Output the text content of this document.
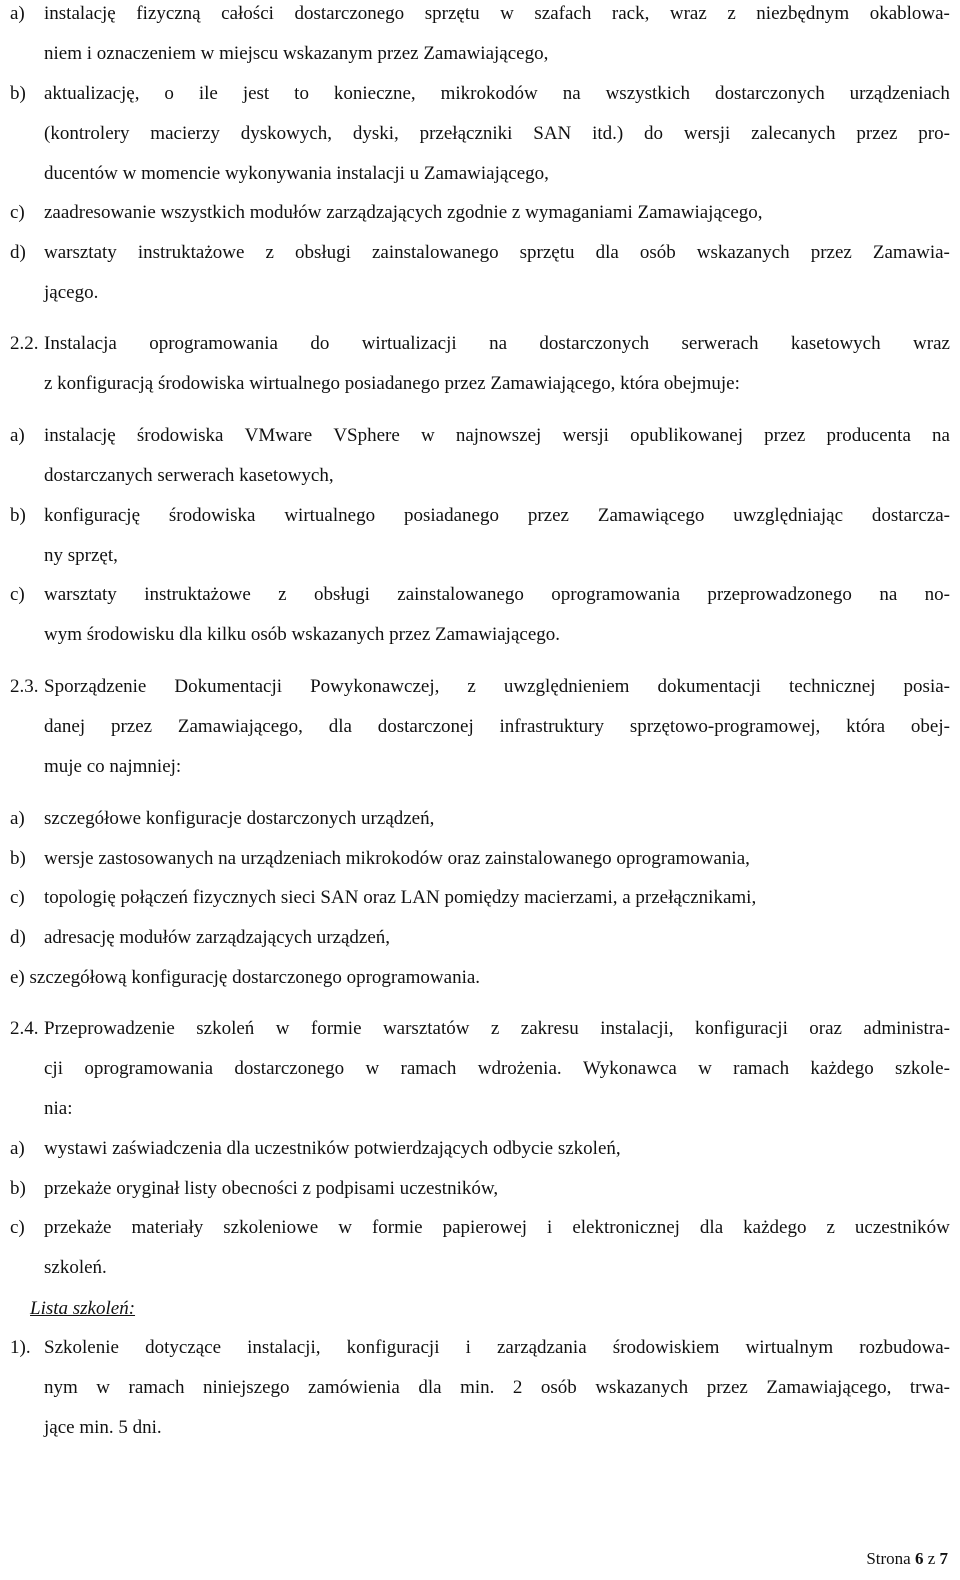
a) instalację fizyczną całości dostarczonego sprzętu w szafach rack, wraz z niezbędnym okablowa-
niem i oznaczeniem w miejscu wskazanym przez Zamawiającego,
b) aktualizację, o ile jest to konieczne, mikrokodów na wszystkich dostarczonych urządzeniach
(kontrolery macierzy dyskowych, dyski, przełączniki SAN itd.) do wersji zalecanych przez pro-
ducentów w momencie wykonywania instalacji u Zamawiającego,
c) zaadresowanie wszystkich modułów zarządzających zgodnie z wymaganiami Zamawiającego,
d) warsztaty instruktażowe z obsługi zainstalowanego sprzętu dla osób wskazanych przez Zamawia-
jącego.
2.2. Instalacja oprogramowania do wirtualizacji na dostarczonych serwerach kasetowych wraz
z konfiguracją środowiska wirtualnego posiadanego przez Zamawiającego, która obejmuje:
a) instalację środowiska VMware VSphere w najnowszej wersji opublikowanej przez producenta na
dostarczanych serwerach kasetowych,
b) konfigurację środowiska wirtualnego posiadanego przez Zamawiącego uwzględniając dostarcza-
ny sprzęt,
c) warsztaty instruktażowe z obsługi zainstalowanego oprogramowania przeprowadzonego na no-
wym środowisku dla kilku osób wskazanych przez Zamawiającego.
2.3. Sporządzenie Dokumentacji Powykonawczej, z uwzględnieniem dokumentacji technicznej posia-
danej przez Zamawiającego, dla dostarczonej infrastruktury sprzętowo-programowej, która obej-
muje co najmniej:
a) szczegółowe konfiguracje dostarczonych urządzeń,
b) wersje zastosowanych na urządzeniach mikrokodów oraz zainstalowanego oprogramowania,
c) topologię połączeń fizycznych sieci SAN oraz LAN pomiędzy macierzami, a przełącznikami,
d) adresację modułów zarządzających urządzeń,
e) szczegółową konfigurację dostarczonego oprogramowania.
2.4. Przeprowadzenie szkoleń w formie warsztatów z zakresu instalacji, konfiguracji oraz administra-
cji oprogramowania dostarczonego w ramach wdrożenia. Wykonawca w ramach każdego szkole-
nia:
a) wystawi zaświadczenia dla uczestników potwierdzających odbycie szkoleń,
b) przekaże oryginał listy obecności z podpisami uczestników,
c) przekaże materiały szkoleniowe w formie papierowej i elektronicznej dla każdego z uczestników
szkoleń.
Lista szkoleń:
1). Szkolenie dotyczące instalacji, konfiguracji i zarządzania środowiskiem wirtualnym rozbudowa-
nym w ramach niniejszego zamówienia dla min. 2 osób wskazanych przez Zamawiającego, trwa-
jące min. 5 dni.
Strona 6 z 7
